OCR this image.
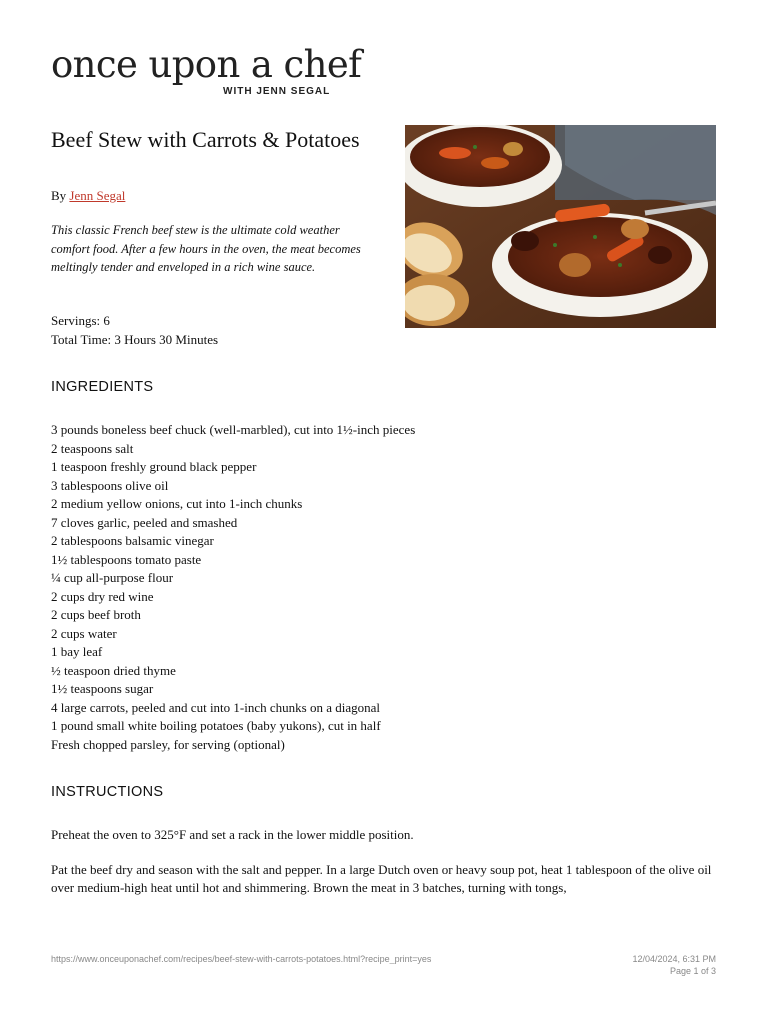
once upon a chef
WITH JENN SEGAL
Beef Stew with Carrots & Potatoes
By Jenn Segal

This classic French beef stew is the ultimate cold weather comfort food. After a few hours in the oven, the meat becomes meltingly tender and enveloped in a rich wine sauce.

Servings: 6
Total Time: 3 Hours 30 Minutes
INGREDIENTS
3 pounds boneless beef chuck (well-marbled), cut into 1½-inch pieces
2 teaspoons salt
1 teaspoon freshly ground black pepper
3 tablespoons olive oil
2 medium yellow onions, cut into 1-inch chunks
7 cloves garlic, peeled and smashed
2 tablespoons balsamic vinegar
1½ tablespoons tomato paste
¼ cup all-purpose flour
2 cups dry red wine
2 cups beef broth
2 cups water
1 bay leaf
½ teaspoon dried thyme
1½ teaspoons sugar
4 large carrots, peeled and cut into 1-inch chunks on a diagonal
1 pound small white boiling potatoes (baby yukons), cut in half
Fresh chopped parsley, for serving (optional)
INSTRUCTIONS

Preheat the oven to 325°F and set a rack in the lower middle position.

Pat the beef dry and season with the salt and pepper. In a large Dutch oven or heavy soup pot, heat 1 tablespoon of the olive oil over medium-high heat until hot and shimmering. Brown the meat in 3 batches, turning with tongs,

https://www.onceuponachef.com/recipes/beef-stew-with-carrots-potatoes.html?recipe_print=yes	12/04/2024, 6:31 PM
Page 1 of 3
